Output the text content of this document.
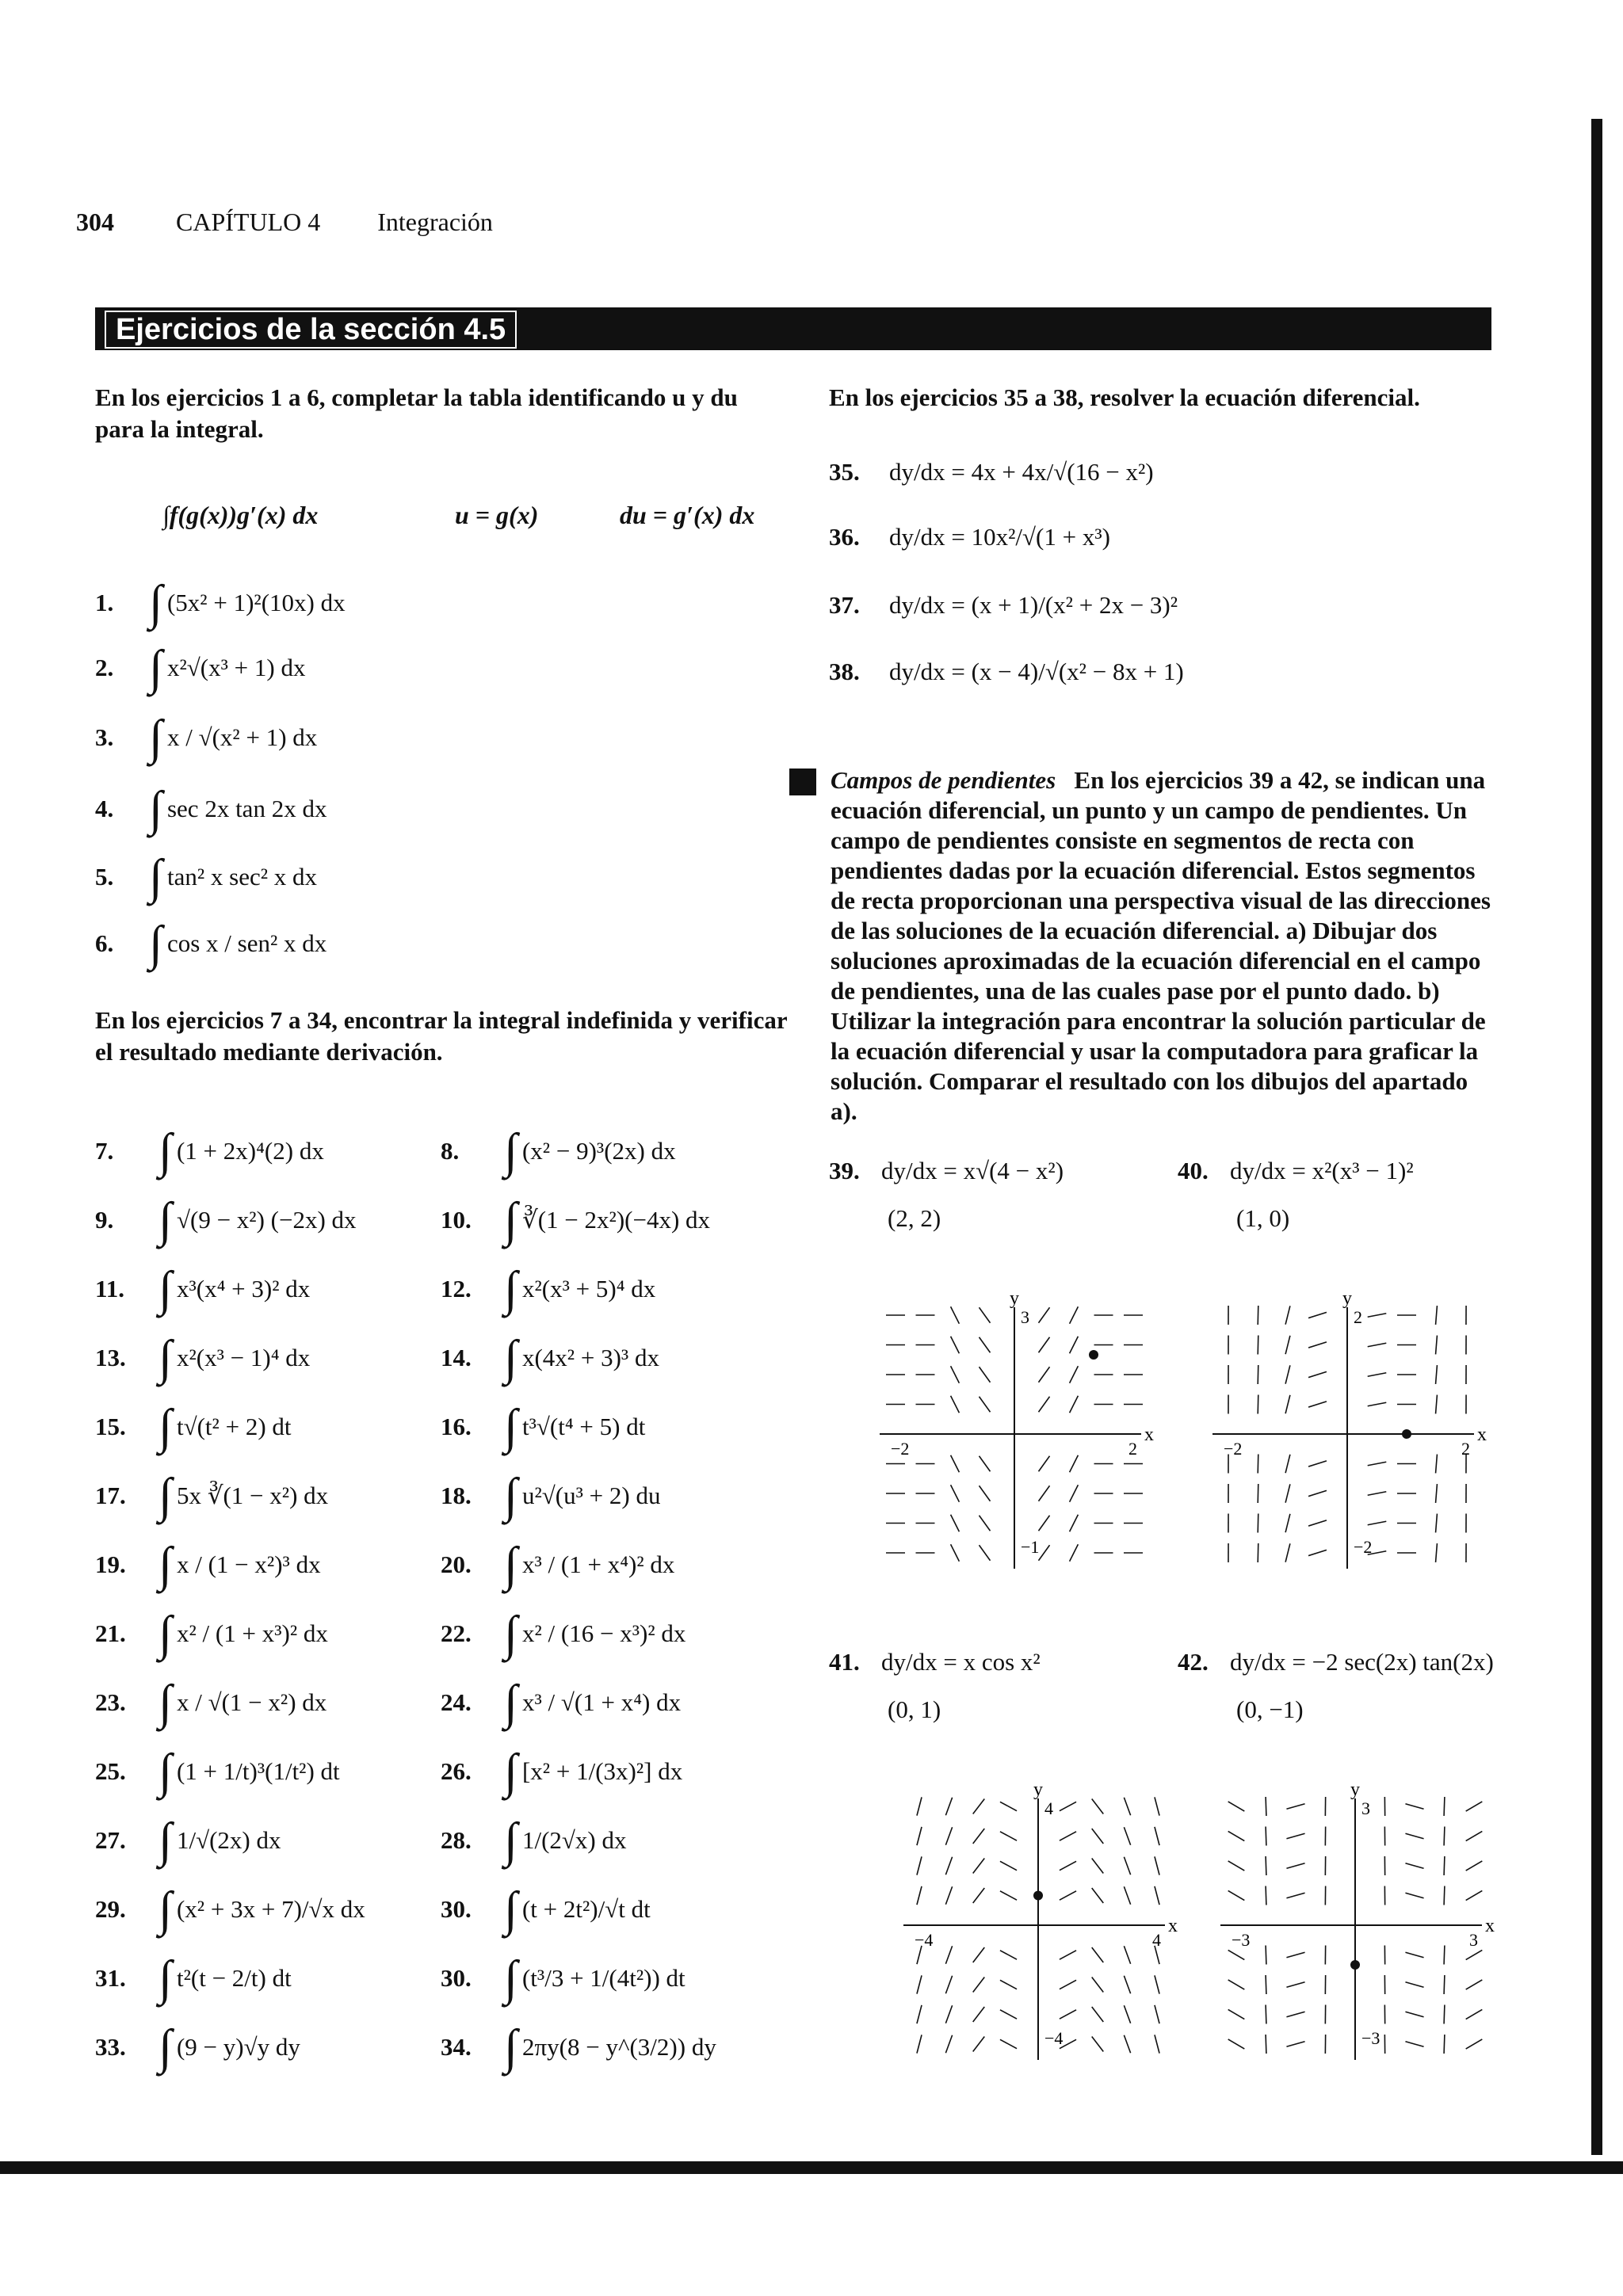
304 CAPÍTULO 4 Integración
Ejercicios de la sección 4.5
En los ejercicios 1 a 6, completar la tabla identificando u y du para la integral.
∫f(g(x))g′(x) dx	u = g(x)	du = g′(x) dx
1. ∫ (5x² + 1)²(10x) dx
2. ∫ x²√(x³ + 1) dx
3. ∫ x / √(x² + 1) dx
4. ∫ sec 2x tan 2x dx
5. ∫ tan² x sec² x dx
6. ∫ cos x / sen² x dx
En los ejercicios 7 a 34, encontrar la integral indefinida y verificar el resultado mediante derivación.
7. ∫ (1 + 2x)⁴(2) dx	8. ∫ (x² − 9)³(2x) dx
9. ∫ √(9 − x²) (−2x) dx	10. ∫ ∛(1 − 2x²)(−4x) dx
11. ∫ x³(x⁴ + 3)² dx	12. ∫ x²(x³ + 5)⁴ dx
13. ∫ x²(x³ − 1)⁴ dx	14. ∫ x(4x² + 3)³ dx
15. ∫ t√(t² + 2) dt	16. ∫ t³√(t⁴ + 5) dt
17. ∫ 5x ∛(1 − x²) dx	18. ∫ u²√(u³ + 2) du
19. ∫ x / (1 − x²)³ dx	20. ∫ x³ / (1 + x⁴)² dx
21. ∫ x² / (1 + x³)² dx	22. ∫ x² / (16 − x³)² dx
23. ∫ x / √(1 − x²) dx	24. ∫ x³ / √(1 + x⁴) dx
25. ∫ (1 + 1/t)³(1/t²) dt	26. ∫ [x² + 1/(3x)²] dx
27. ∫ 1/√(2x) dx	28. ∫ 1/(2√x) dx
29. ∫ (x² + 3x + 7)/√x dx	30. ∫ (t + 2t²)/√t dt
31. ∫ t²(t − 2/t) dt	30. ∫ (t³/3 + 1/(4t²)) dt
33. ∫ (9 − y)√y dy	34. ∫ 2πy(8 − y^(3/2)) dy
En los ejercicios 35 a 38, resolver la ecuación diferencial.
35.	dy/dx = 4x + 4x/√(16 − x²)
36.	dy/dx = 10x²/√(1 + x³)
37.	dy/dx = (x + 1)/(x² + 2x − 3)²
38.	dy/dx = (x − 4)/√(x² − 8x + 1)
Campos de pendientes En los ejercicios 39 a 42, se indican una ecuación diferencial, un punto y un campo de pendientes. Un campo de pendientes consiste en segmentos de recta con pendientes dadas por la ecuación diferencial. Estos segmentos de recta proporcionan una perspectiva visual de las direcciones de las soluciones de la ecuación diferencial. a) Dibujar dos soluciones aproximadas de la ecuación diferencial en el campo de pendientes, una de las cuales pase por el punto dado. b) Utilizar la integración para encontrar la solución particular de la ecuación diferencial y usar la computadora para graficar la solución. Comparar el resultado con los dibujos del apartado a).
39. dy/dx = x√(4 − x²)
(2, 2)
x
y
3
−2	2
−1
40. dy/dx = x²(x³ − 1)²
(1, 0)
x
y
2
−2	2
−2
41. dy/dx = x cos x²
(0, 1)
x
y
4
−4	4
−4
42. dy/dx = −2 sec(2x) tan(2x)
(0, −1)
x
y
3
−3	3
−3
